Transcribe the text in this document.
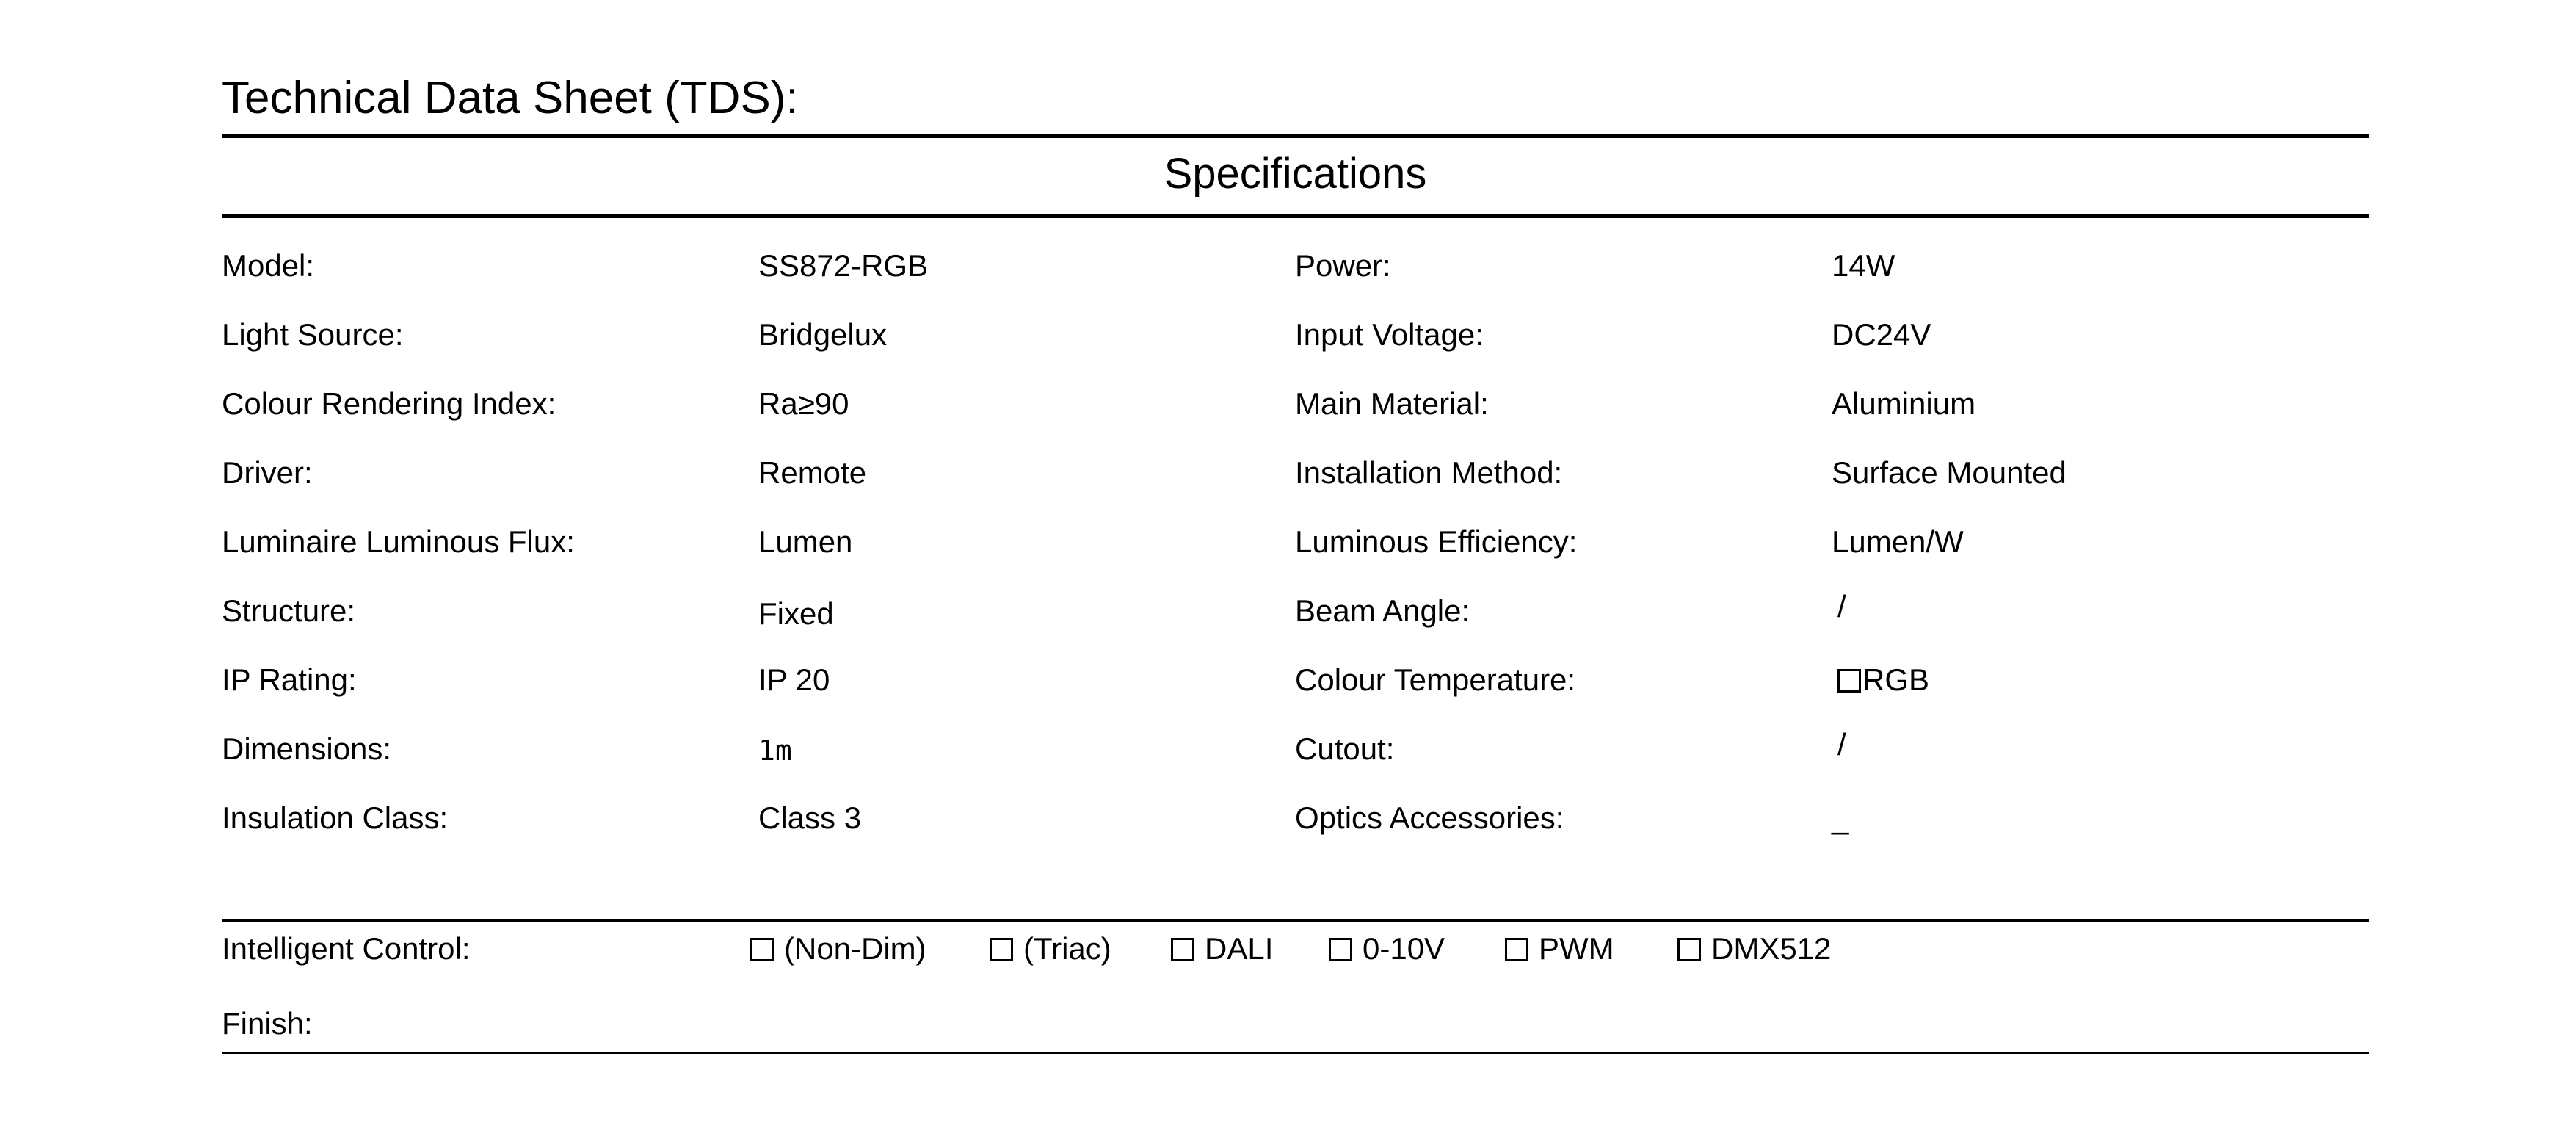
Technical Data Sheet (TDS):
Specifications
Model:	SS872-RGB	Power:	14W
Light Source:	Bridgelux	Input Voltage:	DC24V
Colour Rendering Index:	Ra≥90	Main Material:	Aluminium
Driver:	Remote	Installation Method:	Surface Mounted
Luminaire Luminous Flux:	Lumen	Luminous Efficiency:	Lumen/W
Structure:	Fixed	Beam Angle:	/
IP Rating:	IP 20	Colour Temperature:	RGB
Dimensions:	1m	Cutout:	/
Insulation Class:	Class 3	Optics Accessories:	_
Intelligent Control:	(Non-Dim)	(Triac)	DALI	0-10V	PWM	DMX512
Finish:
